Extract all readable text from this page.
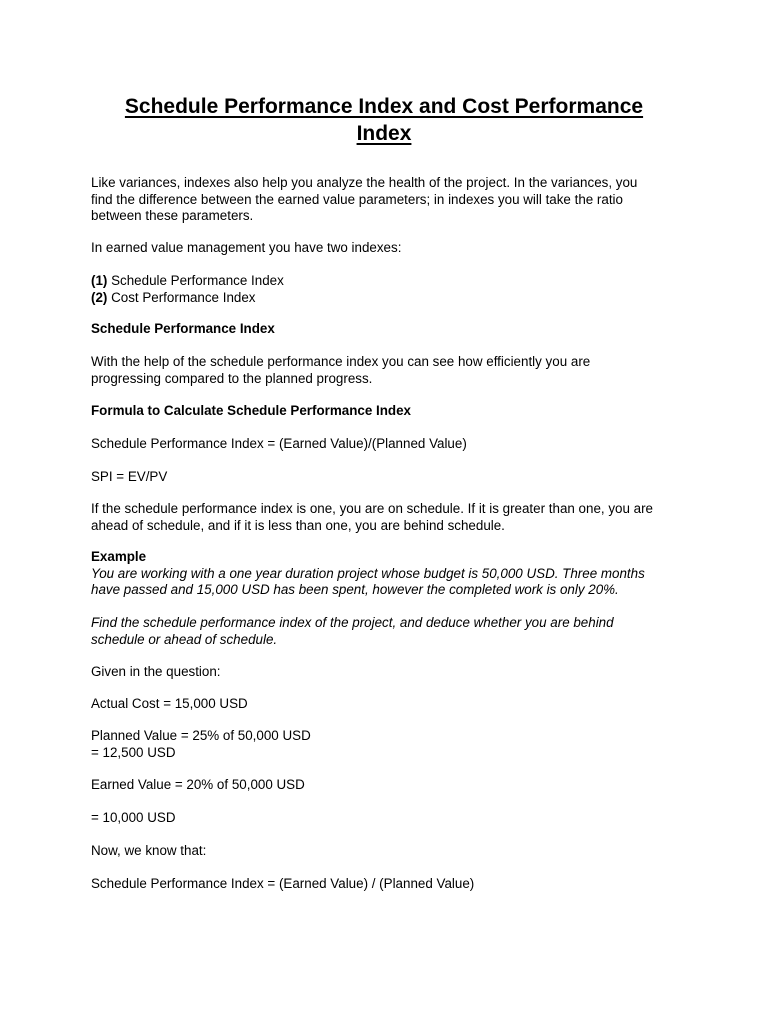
Schedule Performance Index and Cost Performance
Index

Like variances, indexes also help you analyze the health of the project. In the variances, you
find the difference between the earned value parameters; in indexes you will take the ratio
between these parameters.

In earned value management you have two indexes:

(1) Schedule Performance Index
(2) Cost Performance Index

Schedule Performance Index

With the help of the schedule performance index you can see how efficiently you are
progressing compared to the planned progress.

Formula to Calculate Schedule Performance Index

Schedule Performance Index = (Earned Value)/(Planned Value)

SPI = EV/PV

If the schedule performance index is one, you are on schedule. If it is greater than one, you are
ahead of schedule, and if it is less than one, you are behind schedule.

Example
You are working with a one year duration project whose budget is 50,000 USD. Three months
have passed and 15,000 USD has been spent, however the completed work is only 20%.

Find the schedule performance index of the project, and deduce whether you are behind
schedule or ahead of schedule.

Given in the question:

Actual Cost = 15,000 USD

Planned Value = 25% of 50,000 USD
= 12,500 USD

Earned Value = 20% of 50,000 USD

= 10,000 USD

Now, we know that:

Schedule Performance Index = (Earned Value) / (Planned Value)
